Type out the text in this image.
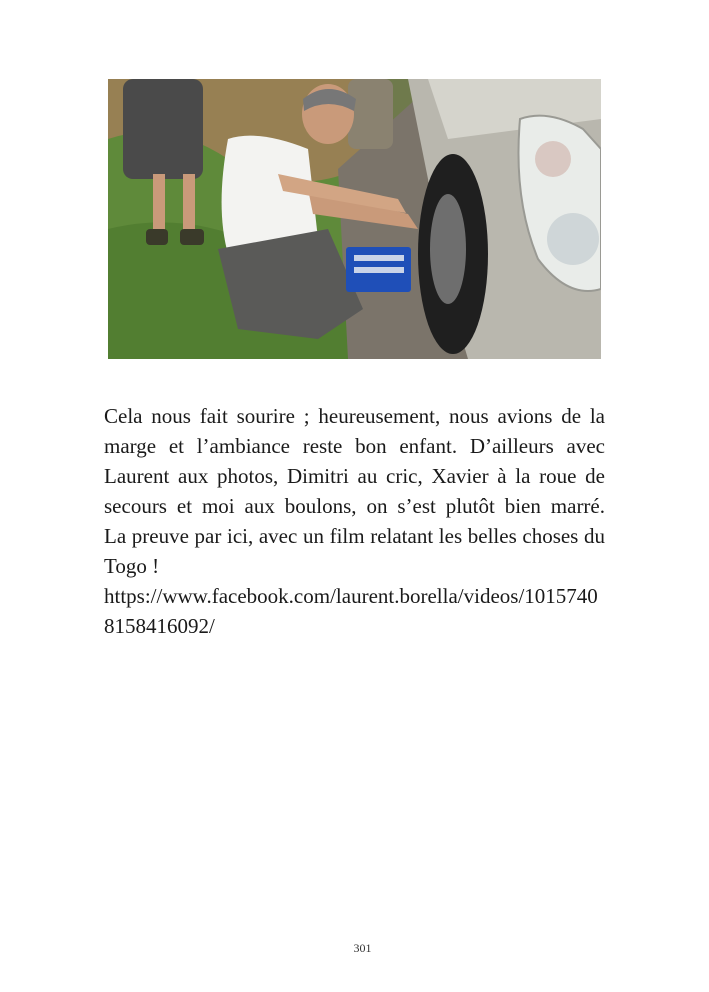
Cela nous fait sourire ; heureusement, nous avions de la marge et l’ambiance reste bon enfant. D’ailleurs avec Laurent aux photos, Dimitri au cric, Xavier à la roue de secours et moi aux boulons, on s’est plutôt bien marré.

La preuve par ici, avec un film relatant les belles choses du Togo !

https://www.facebook.com/laurent.borella/videos/10157408158416092/

301
